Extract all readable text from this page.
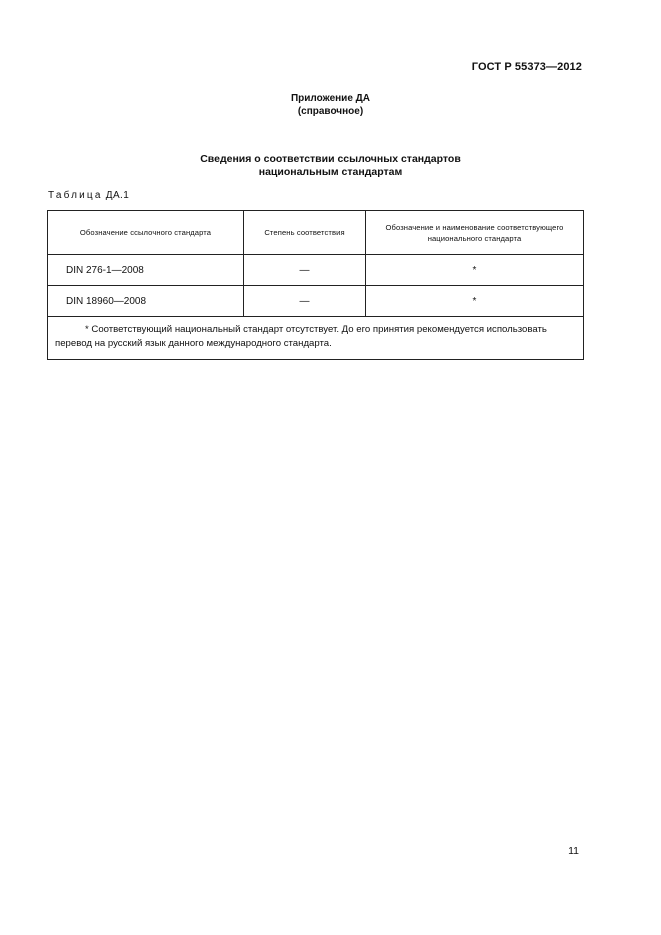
ГОСТ Р 55373—2012
Приложение ДА
(справочное)
Сведения о соответствии ссылочных стандартов
национальным стандартам
Таблица ДА.1
Обозначение ссылочного стандарта	Степень соответствия	Обозначение и наименование соответствующего национального стандарта
DIN 276-1—2008	—	*
DIN 18960—2008	—	*

* Соответствующий национальный стандарт отсутствует. До его принятия рекомендуется использовать
перевод на русский язык данного международного стандарта.		
11
